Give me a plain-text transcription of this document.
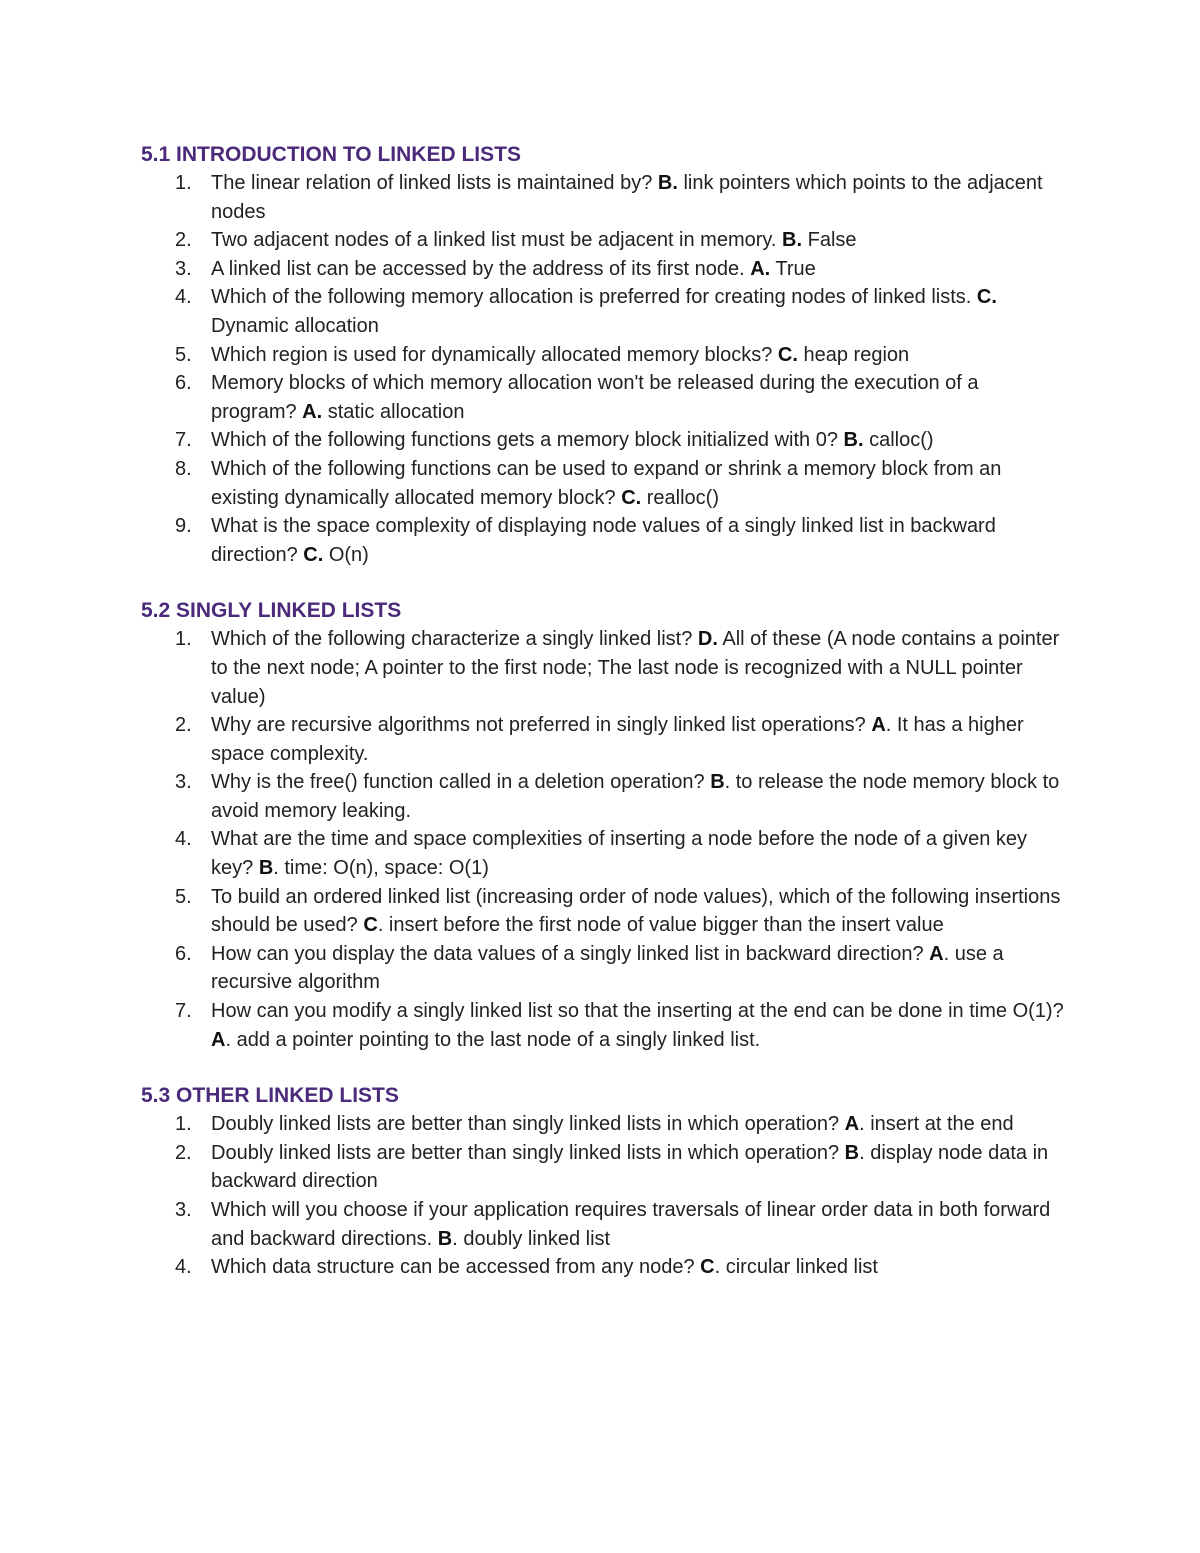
5.1 INTRODUCTION TO LINKED LISTS
1. The linear relation of linked lists is maintained by? B. link pointers which points to the adjacent nodes
2. Two adjacent nodes of a linked list must be adjacent in memory. B. False
3. A linked list can be accessed by the address of its first node. A. True
4. Which of the following memory allocation is preferred for creating nodes of linked lists. C. Dynamic allocation
5. Which region is used for dynamically allocated memory blocks? C. heap region
6. Memory blocks of which memory allocation won't be released during the execution of a program? A. static allocation
7. Which of the following functions gets a memory block initialized with 0? B. calloc()
8. Which of the following functions can be used to expand or shrink a memory block from an existing dynamically allocated memory block? C. realloc()
9. What is the space complexity of displaying node values of a singly linked list in backward direction? C. O(n)
5.2 SINGLY LINKED LISTS
1. Which of the following characterize a singly linked list? D. All of these (A node contains a pointer to the next node; A pointer to the first node; The last node is recognized with a NULL pointer value)
2. Why are recursive algorithms not preferred in singly linked list operations? A. It has a higher space complexity.
3. Why is the free() function called in a deletion operation? B. to release the node memory block to avoid memory leaking.
4. What are the time and space complexities of inserting a node before the node of a given key key? B. time: O(n), space: O(1)
5. To build an ordered linked list (increasing order of node values), which of the following insertions should be used? C. insert before the first node of value bigger than the insert value
6. How can you display the data values of a singly linked list in backward direction? A. use a recursive algorithm
7. How can you modify a singly linked list so that the inserting at the end can be done in time O(1)? A. add a pointer pointing to the last node of a singly linked list.
5.3 OTHER LINKED LISTS
1. Doubly linked lists are better than singly linked lists in which operation? A. insert at the end
2. Doubly linked lists are better than singly linked lists in which operation? B. display node data in backward direction
3. Which will you choose if your application requires traversals of linear order data in both forward and backward directions. B. doubly linked list
4. Which data structure can be accessed from any node? C. circular linked list
